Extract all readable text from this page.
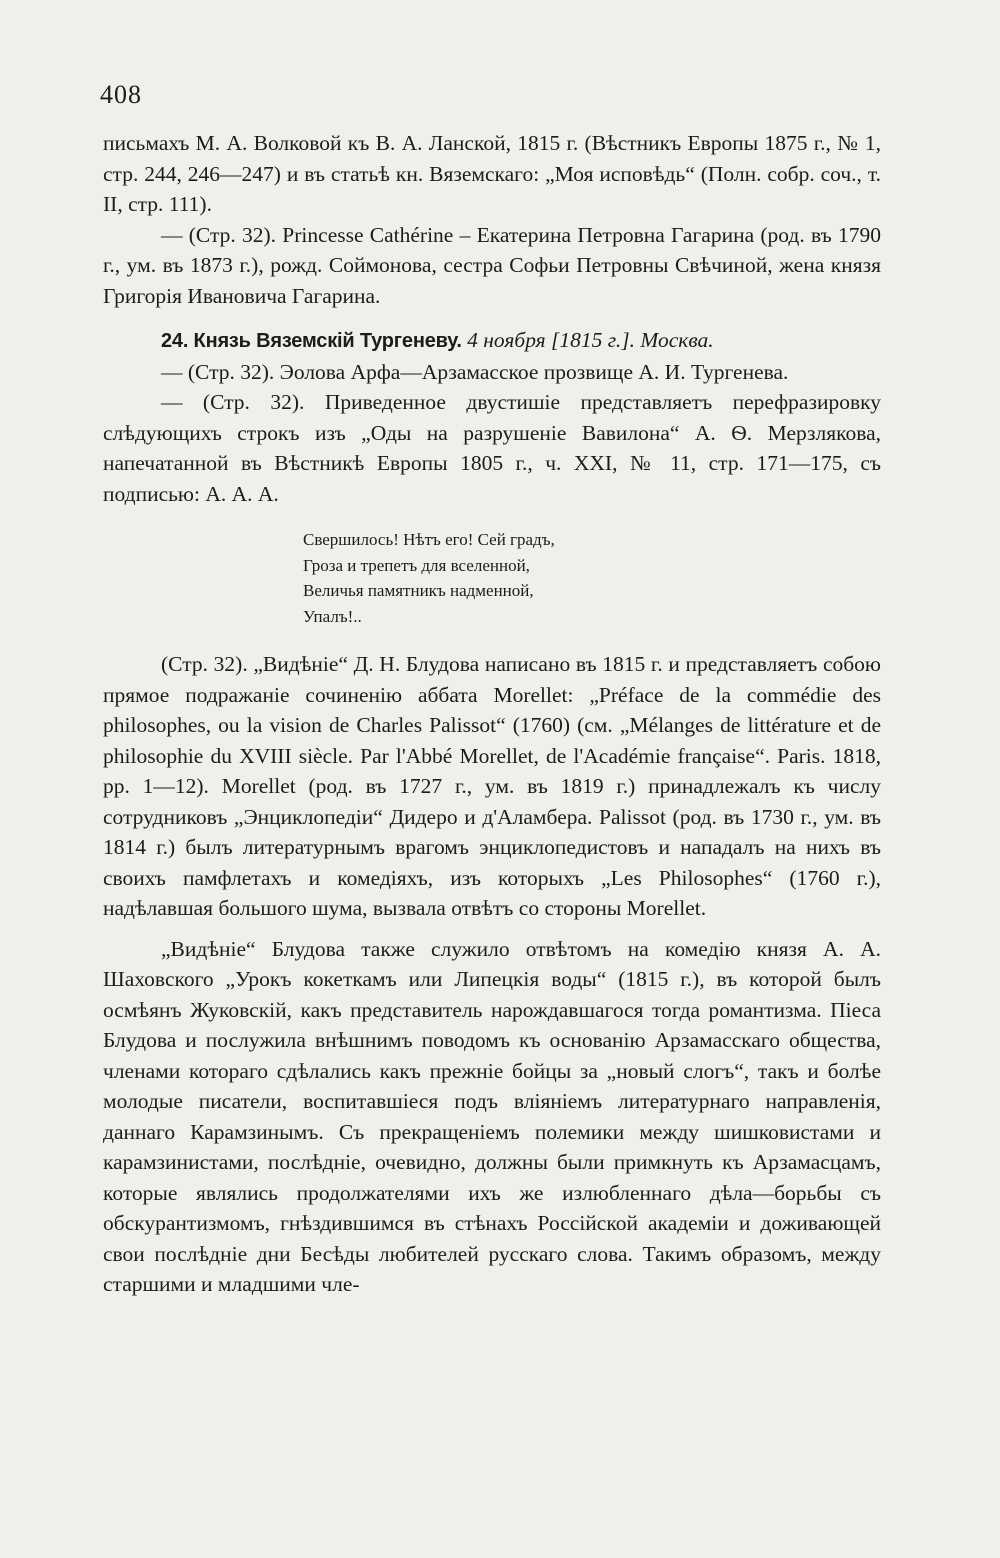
408

письмахъ М. А. Волковой къ В. А. Ланской, 1815 г. (Вѣстникъ Европы 1875 г., № 1, стр. 244, 246—247) и въ статьѣ кн. Вяземскаго: „Моя исповѣдь“ (Полн. собр. соч., т. II, стр. 111).

— (Стр. 32). Princesse Cathérine – Екатерина Петровна Гагарина (род. въ 1790 г., ум. въ 1873 г.), рожд. Соймонова, сестра Софьи Петровны Свѣчиной, жена князя Григорія Ивановича Гагарина.

24. Князь Вяземскій Тургеневу. 4 ноября [1815 г.]. Москва.

— (Стр. 32). Эолова Арфа—Арзамасское прозвище А. И. Тургенева.

— (Стр. 32). Приведенное двустишіе представляетъ перефразировку слѣдующихъ строкъ изъ „Оды на разрушеніе Вавилона“ А. Ѳ. Мерзлякова, напечатанной въ Вѣстникѣ Европы 1805 г., ч. XXI, № 11, стр. 171—175, съ подписью: А. А. А.

Свершилось! Нѣтъ его! Сей градъ,
Гроза и трепетъ для вселенной,
Величья памятникъ надменной,
Упалъ!..

(Стр. 32). „Видѣніе“ Д. Н. Блудова написано въ 1815 г. и представляетъ собою прямое подражаніе сочиненію аббата Morellet: „Préface de la commédie des philosophes, ou la vision de Charles Palissot“ (1760) (см. „Mélanges de littérature et de philosophie du XVIII siècle. Par l'Abbé Morellet, de l'Académie française“. Paris. 1818, pp. 1—12). Morellet (род. въ 1727 г., ум. въ 1819 г.) принадлежалъ къ числу сотрудниковъ „Энциклопедіи“ Дидеро и д'Аламбера. Palissot (род. въ 1730 г., ум. въ 1814 г.) былъ литературнымъ врагомъ энциклопедистовъ и нападалъ на нихъ въ своихъ памфлетахъ и комедіяхъ, изъ которыхъ „Les Philosophes“ (1760 г.), надѣлавшая большого шума, вызвала отвѣтъ со стороны Morellet.

„Видѣніе“ Блудова также служило отвѣтомъ на комедію князя А. А. Шаховского „Урокъ кокеткамъ или Липецкія воды“ (1815 г.), въ которой былъ осмѣянъ Жуковскій, какъ представитель нарождавшагося тогда романтизма. Піеса Блудова и послужила внѣшнимъ поводомъ къ основанію Арзамасскаго общества, членами котораго сдѣлались какъ прежніе бойцы за „новый слогъ“, такъ и болѣе молодые писатели, воспитавшіеся подъ вліяніемъ литературнаго направленія, даннаго Карамзинымъ. Съ прекращеніемъ полемики между шишковистами и карамзинистами, послѣдніе, очевидно, должны были примкнуть къ Арзамасцамъ, которые являлись продолжателями ихъ же излюбленнаго дѣла—борьбы съ обскурантизмомъ, гнѣздившимся въ стѣнахъ Россійской академіи и доживающей свои послѣдніе дни Бесѣды любителей русскаго слова. Такимъ образомъ, между старшими и младшими чле-
